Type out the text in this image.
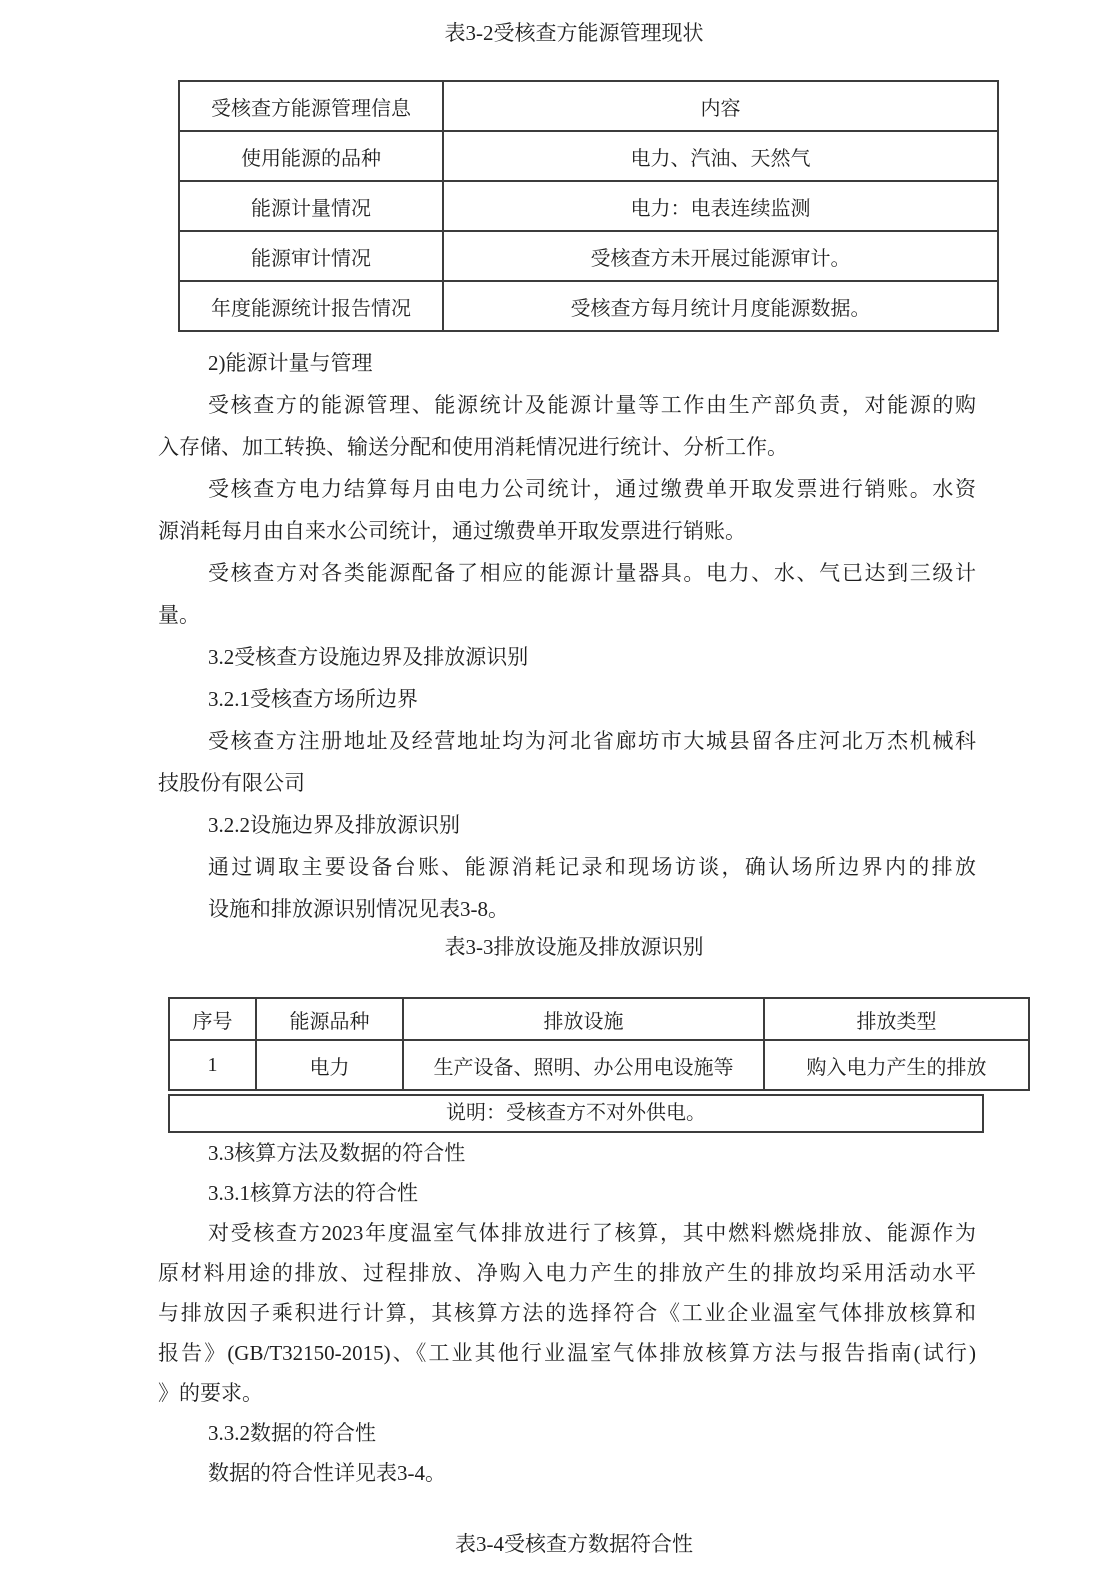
表3-2受核查方能源管理现状
受核查方能源管理信息	内容
使用能源的品种	电力、汽油、天然气
能源计量情况	电力：电表连续监测
能源审计情况	受核查方未开展过能源审计。
年度能源统计报告情况	受核查方每月统计月度能源数据。
2)能源计量与管理
受核查方的能源管理、能源统计及能源计量等工作由生产部负责，对能源的购
入存储、加工转换、输送分配和使用消耗情况进行统计、分析工作。
受核查方电力结算每月由电力公司统计，通过缴费单开取发票进行销账。水资
源消耗每月由自来水公司统计，通过缴费单开取发票进行销账。
受核查方对各类能源配备了相应的能源计量器具。电力、水、气已达到三级计
量。
3.2受核查方设施边界及排放源识别
3.2.1受核查方场所边界
受核查方注册地址及经营地址均为河北省廊坊市大城县留各庄河北万杰机械科
技股份有限公司
3.2.2设施边界及排放源识别
通过调取主要设备台账、能源消耗记录和现场访谈，确认场所边界内的排放
设施和排放源识别情况见表3-8。
表3-3排放设施及排放源识别
序号	能源品种	排放设施	排放类型
1	电力	生产设备、照明、办公用电设施等	购入电力产生的排放
说明：受核查方不对外供电。
3.3核算方法及数据的符合性
3.3.1核算方法的符合性
对受核查方2023年度温室气体排放进行了核算，其中燃料燃烧排放、能源作为
原材料用途的排放、过程排放、净购入电力产生的排放产生的排放均采用活动水平
与排放因子乘积进行计算，其核算方法的选择符合《工业企业温室气体排放核算和
报告》(GB/T32150-2015)、《工业其他行业温室气体排放核算方法与报告指南(试行)
》的要求。
3.3.2数据的符合性
数据的符合性详见表3-4。
表3-4受核查方数据符合性
